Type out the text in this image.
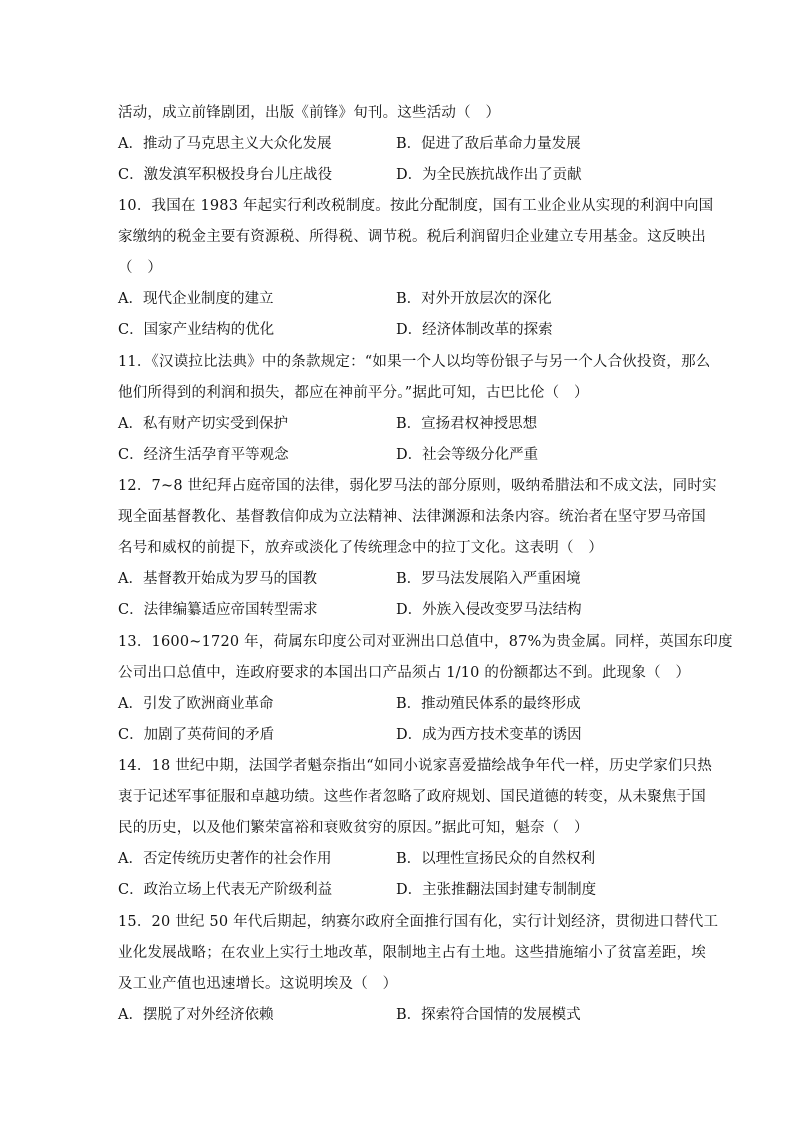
活动，成立前锋剧团，出版《前锋》旬刊。这些活动（　）
A．推动了马克思主义大众化发展	B．促进了敌后革命力量发展
C．激发滇军积极投身台儿庄战役	D．为全民族抗战作出了贡献
10．我国在 1983 年起实行利改税制度。按此分配制度，国有工业企业从实现的利润中向国
家缴纳的税金主要有资源税、所得税、调节税。税后利润留归企业建立专用基金。这反映出
（　）
A．现代企业制度的建立	B．对外开放层次的深化
C．国家产业结构的优化	D．经济体制改革的探索
11．《汉谟拉比法典》中的条款规定：“如果一个人以均等份银子与另一个人合伙投资，那么
他们所得到的利润和损失，都应在神前平分。”据此可知，古巴比伦（　）
A．私有财产切实受到保护	B．宣扬君权神授思想
C．经济生活孕育平等观念	D．社会等级分化严重
12．7~8 世纪拜占庭帝国的法律，弱化罗马法的部分原则，吸纳希腊法和不成文法，同时实
现全面基督教化、基督教信仰成为立法精神、法律渊源和法条内容。统治者在坚守罗马帝国
名号和威权的前提下，放弃或淡化了传统理念中的拉丁文化。这表明（　）
A．基督教开始成为罗马的国教	B．罗马法发展陷入严重困境
C．法律编纂适应帝国转型需求	D．外族入侵改变罗马法结构
13．1600~1720 年，荷属东印度公司对亚洲出口总值中，87%为贵金属。同样，英国东印度
公司出口总值中，连政府要求的本国出口产品须占 1/10 的份额都达不到。此现象（　）
A．引发了欧洲商业革命	B．推动殖民体系的最终形成
C．加剧了英荷间的矛盾	D．成为西方技术变革的诱因
14．18 世纪中期，法国学者魁奈指出“如同小说家喜爱描绘战争年代一样，历史学家们只热
衷于记述军事征服和卓越功绩。这些作者忽略了政府规划、国民道德的转变，从未聚焦于国
民的历史，以及他们繁荣富裕和衰败贫穷的原因。”据此可知，魁奈（　）
A．否定传统历史著作的社会作用	B．以理性宣扬民众的自然权利
C．政治立场上代表无产阶级利益	D．主张推翻法国封建专制制度
15．20 世纪 50 年代后期起，纳赛尔政府全面推行国有化，实行计划经济，贯彻进口替代工
业化发展战略；在农业上实行土地改革，限制地主占有土地。这些措施缩小了贫富差距，埃
及工业产值也迅速增长。这说明埃及（　）
A．摆脱了对外经济依赖	B．探索符合国情的发展模式
